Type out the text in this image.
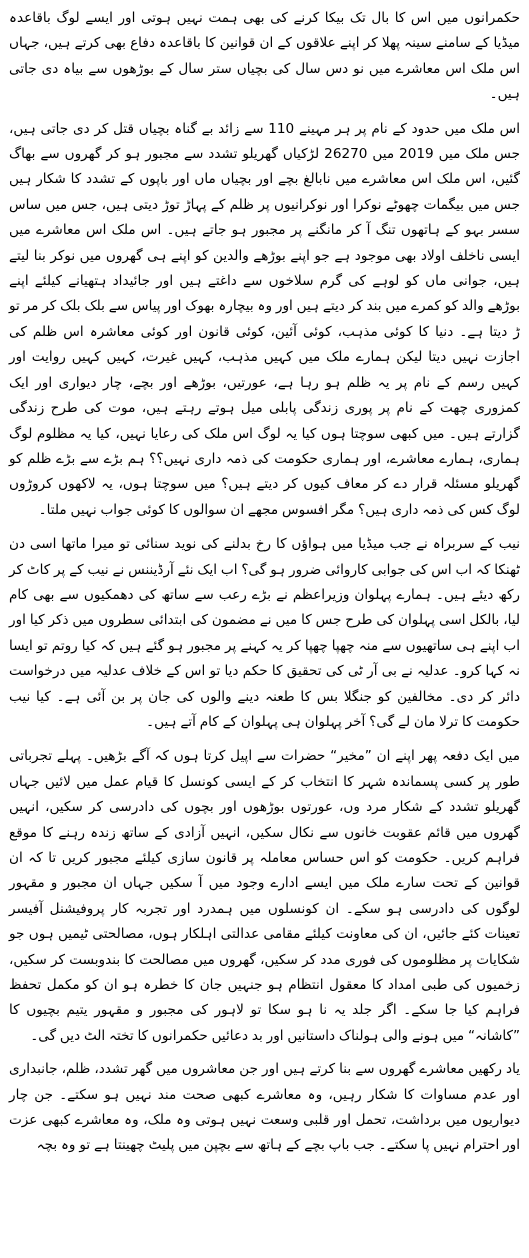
حکمرانوں میں اس کا بال تک بیکا کرنے کی بھی ہمت نہیں ہوتی اور ایسے لوگ باقاعدہ میڈیا کے سامنے سینہ پھلا کر اپنے علاقوں کے ان قوانین کا باقاعدہ دفاع بھی کرتے ہیں، جہاں اس ملک اس معاشرے میں نو دس سال کی بچیاں ستر سال کے بوڑھوں سے بیاہ دی جاتی ہیں۔

اس ملک میں حدود کے نام پر ہر مہینے 110 سے زائد بے گناہ بچیاں قتل کر دی جاتی ہیں، جس ملک میں 2019 میں 26270 لڑکیاں گھریلو تشدد سے مجبور ہو کر گھروں سے بھاگ گئیں، اس ملک اس معاشرے میں نابالغ بچے اور بچیاں ماں اور باپوں کے تشدد کا شکار ہیں جس میں بیگمات چھوٹے نوکرا اور نوکرانیوں پر ظلم کے پہاڑ توڑ دیتی ہیں، جس میں ساس سسر بہو کے ہاتھوں تنگ آ کر مانگنے پر مجبور ہو جاتے ہیں۔ اس ملک اس معاشرے میں ایسی ناخلف اولاد بھی موجود ہے جو اپنے بوڑھے والدین کو اپنے ہی گھروں میں نوکر بنا لیتے ہیں، جوانی ماں کو لوہے کی گرم سلاخوں سے داغتے ہیں اور جائیداد ہتھیانے کیلئے اپنے بوڑھے والد کو کمرے میں بند کر دیتے ہیں اور وہ بیچارہ بھوک اور پیاس سے بلک بلک کر مر تو ڑ دیتا ہے۔ دنیا کا کوئی مذہب، کوئی آئین، کوئی قانون اور کوئی معاشرہ اس ظلم کی اجازت نہیں دیتا لیکن ہمارے ملک میں کہیں مذہب، کہیں غیرت، کہیں کہیں روایت اور کہیں رسم کے نام پر یہ ظلم ہو رہا ہے، عورتیں، بوڑھے اور بچے، چار دیواری اور ایک کمزوری چھت کے نام پر پوری زندگی پابلی میل ہوتے رہتے ہیں، موت کی طرح زندگی گزارتے ہیں۔ میں کبھی سوچتا ہوں کیا یہ لوگ اس ملک کی رعایا نہیں، کیا یہ مظلوم لوگ ہماری، ہمارے معاشرے، اور ہماری حکومت کی ذمہ داری نہیں؟؟ ہم بڑے سے بڑے ظلم کو گھریلو مسئلہ قرار دے کر معاف کیوں کر دیتے ہیں؟ میں سوچتا ہوں، یہ لاکھوں کروڑوں لوگ کس کی ذمہ داری ہیں؟ مگر افسوس مجھے ان سوالوں کا کوئی جواب نہیں ملتا۔

نیب کے سربراہ نے جب میڈیا میں ہواؤں کا رخ بدلنے کی نوید سنائی تو میرا ماتھا اسی دن ٹھنکا کہ اب اس کی جوابی کاروائی ضرور ہو گی؟ اب ایک نئے آرڈیننس نے نیب کے پر کاٹ کر رکھ دیئے ہیں۔ ہمارے پہلوان وزیراعظم نے بڑے رعب سے ساتھ کی دھمکیوں سے بھی کام لیا، بالکل اسی پہلوان کی طرح جس کا میں نے مضمون کی ابتدائی سطروں میں ذکر کیا اور اب اپنے ہی ساتھیوں سے منہ چھپا چھپا کر یہ کہنے پر مجبور ہو گئے ہیں کہ کیا روتم تو ایسا نہ کہا کرو۔ عدلیہ نے بی آر ٹی کی تحقیق کا حکم دیا تو اس کے خلاف عدلیہ میں درخواست دائر کر دی۔ مخالفین کو جنگلا بس کا طعنہ دینے والوں کی جان پر بن آئی ہے۔ کیا نیب حکومت کا ترلا مان لے گی؟ آخر پہلوان ہی پہلوان کے کام آتے ہیں۔

میں ایک دفعہ پھر اپنے ان ”مخیر“ حضرات سے اپیل کرتا ہوں کہ آگے بڑھیں۔ پہلے تجرباتی طور پر کسی پسماندہ شہر کا انتخاب کر کے ایسی کونسل کا قیام عمل میں لائیں جہاں گھریلو تشدد کے شکار مرد وں، عورتوں بوڑھوں اور بچوں کی دادرسی کر سکیں، انہیں گھروں میں قائم عقوبت خانوں سے نکال سکیں، انہیں آزادی کے ساتھ زندہ رہنے کا موقع فراہم کریں۔ حکومت کو اس حساس معاملہ پر قانون سازی کیلئے مجبور کریں تا کہ ان قوانین کے تحت سارے ملک میں ایسے ادارے وجود میں آ سکیں جہاں ان مجبور و مقہور لوگوں کی دادرسی ہو سکے۔ ان کونسلوں میں ہمدرد اور تجربہ کار پروفیشنل آفیسر تعینات کئے جائیں، ان کی معاونت کیلئے مقامی عدالتی اہلکار ہوں، مصالحتی ٹیمیں ہوں جو شکایات پر مظلوموں کی فوری مدد کر سکیں، گھروں میں مصالحت کا بندوبست کر سکیں، زخمیوں کی طبی امداد کا معقول انتظام ہو جنہیں جان کا خطرہ ہو ان کو مکمل تحفظ فراہم کیا جا سکے۔ اگر جلد یہ نا ہو سکا تو لاہور کی مجبور و مقہور یتیم بچیوں کا ”کاشانہ“ میں ہونے والی ہولناک داستانیں اور بد دعائیں حکمرانوں کا تختہ الٹ دیں گی۔

یاد رکھیں معاشرے گھروں سے بنا کرتے ہیں اور جن معاشروں میں گھر تشدد، ظلم، جانبداری اور عدم مساوات کا شکار رہیں، وہ معاشرے کبھی صحت مند نہیں ہو سکتے۔ جن چار دیواریوں میں برداشت، تحمل اور قلبی وسعت نہیں ہوتی وہ ملک، وہ معاشرے کبھی عزت اور احترام نہیں پا سکتے۔ جب باپ بچے کے ہاتھ سے بچپن میں پلیٹ چھینتا ہے تو وہ بچہ
